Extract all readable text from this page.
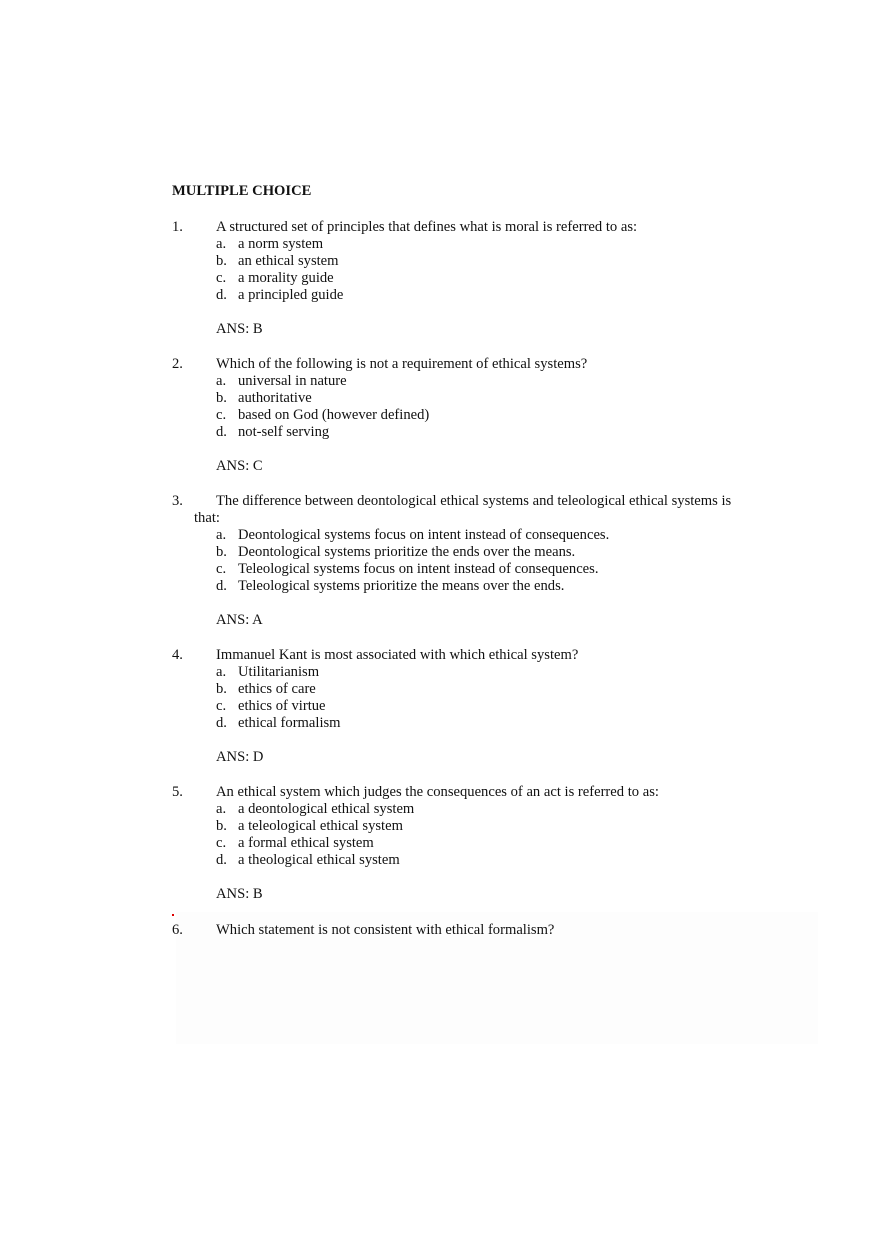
MULTIPLE CHOICE
1. A structured set of principles that defines what is moral is referred to as:
a. a norm system
b. an ethical system
c. a morality guide
d. a principled guide
ANS: B
2. Which of the following is not a requirement of ethical systems?
a. universal in nature
b. authoritative
c. based on God (however defined)
d. not-self serving
ANS: C
3. The difference between deontological ethical systems and teleological ethical systems is
that:
a. Deontological systems focus on intent instead of consequences.
b. Deontological systems prioritize the ends over the means.
c. Teleological systems focus on intent instead of consequences.
d. Teleological systems prioritize the means over the ends.
ANS: A
4. Immanuel Kant is most associated with which ethical system?
a. Utilitarianism
b. ethics of care
c. ethics of virtue
d. ethical formalism
ANS: D
5. An ethical system which judges the consequences of an act is referred to as:
a. a deontological ethical system
b. a teleological ethical system
c. a formal ethical system
d. a theological ethical system
ANS: B
6. Which statement is not consistent with ethical formalism?
